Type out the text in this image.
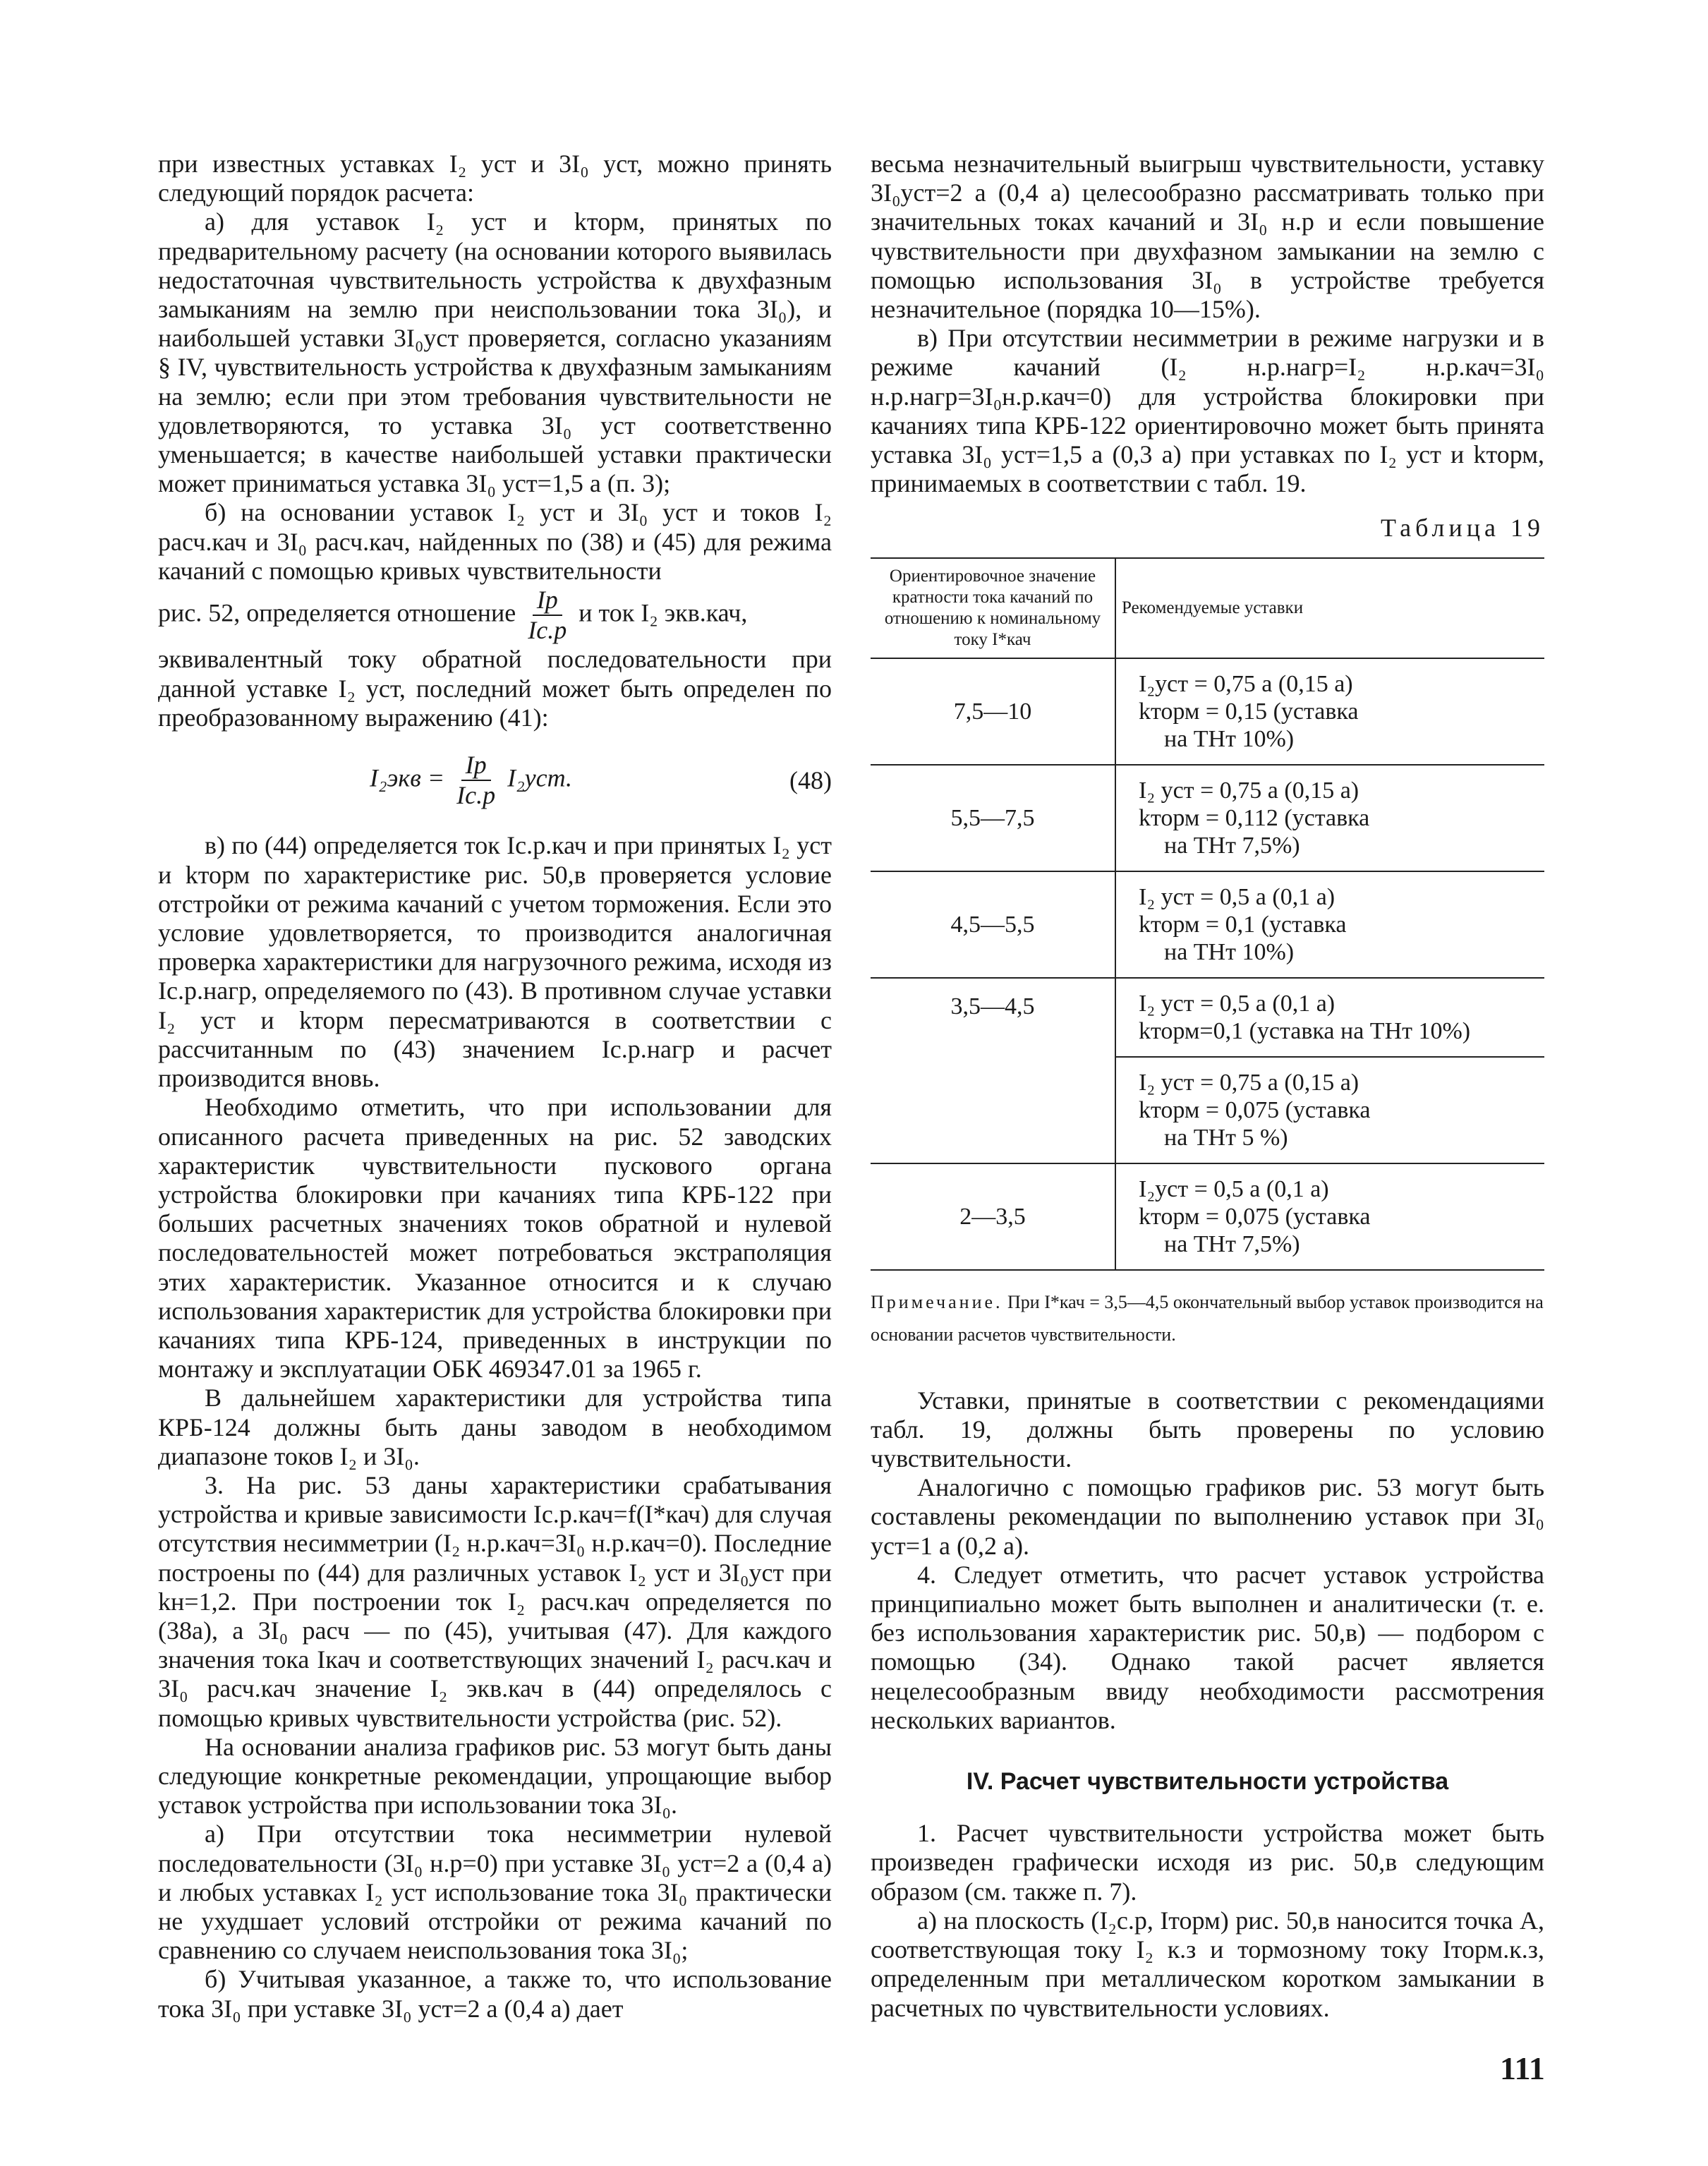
при известных уставках I₂ уст и 3I₀ уст, можно принять следующий порядок расчета:

а) для уставок I₂ уст и kторм, принятых по предварительному расчету (на основании которого выявилась недостаточная чувствительность устройства к двухфазным замыканиям на землю при неиспользовании тока 3I₀), и наибольшей уставки 3I₀уст проверяется, согласно указаниям § IV, чувствительность устройства к двухфазным замыканиям на землю; если при этом требования чувствительности не удовлетворяются, то уставка 3I₀ уст соответственно уменьшается; в качестве наибольшей уставки практически может приниматься уставка 3I₀ уст=1,5 а (п. 3);

б) на основании уставок I₂ уст и 3I₀ уст и токов I₂ расч.кач и 3I₀ расч.кач, найденных по (38) и (45) для режима качаний с помощью кривых чувствительности

рис. 52, определяется отношение $\frac{Iр}{Iс.р}$ и ток I₂ экв.кач,

эквивалентный току обратной последовательности при данной уставке I₂ уст, последний может быть определен по преобразованному выражению (41):

$I_2экв = \frac{Iр}{Iс.р} I_2уст$.	(48)

в) по (44) определяется ток Iс.р.кач и при принятых I₂ уст и kторм по характеристике рис. 50,в проверяется условие отстройки от режима качаний с учетом торможения. Если это условие удовлетворяется, то производится аналогичная проверка характеристики для нагрузочного режима, исходя из Iс.р.нагр, определяемого по (43). В противном случае уставки I₂ уст и kторм пересматриваются в соответствии с рассчитанным по (43) значением Iс.р.нагр и расчет производится вновь.

Необходимо отметить, что при использовании для описанного расчета приведенных на рис. 52 заводских характеристик чувствительности пускового органа устройства блокировки при качаниях типа КРБ-122 при больших расчетных значениях токов обратной и нулевой последовательностей может потребоваться экстраполяция этих характеристик. Указанное относится и к случаю использования характеристик для устройства блокировки при качаниях типа КРБ-124, приведенных в инструкции по монтажу и эксплуатации ОБК 469347.01 за 1965 г.

В дальнейшем характеристики для устройства типа КРБ-124 должны быть даны заводом в необходимом диапазоне токов I₂ и 3I₀.

3. На рис. 53 даны характеристики срабатывания устройства и кривые зависимости Iс.р.кач=f(I*кач) для случая отсутствия несимметрии (I₂ н.р.кач=3I₀ н.р.кач=0). Последние построены по (44) для различных уставок I₂ уст и 3I₀уст при kн=1,2. При построении ток I₂ расч.кач определяется по (38а), а 3I₀ расч — по (45), учитывая (47). Для каждого значения тока Iкач и соответствующих значений I₂ расч.кач и 3I₀ расч.кач значение I₂ экв.кач в (44) определялось с помощью кривых чувствительности устройства (рис. 52).

На основании анализа графиков рис. 53 могут быть даны следующие конкретные рекомендации, упрощающие выбор уставок устройства при использовании тока 3I₀.

а) При отсутствии тока несимметрии нулевой последовательности (3I₀ н.р=0) при уставке 3I₀ уст=2 а (0,4 а) и любых уставках I₂ уст использование тока 3I₀ практически не ухудшает условий отстройки от режима качаний по сравнению со случаем неиспользования тока 3I₀;

б) Учитывая указанное, а также то, что использование тока 3I₀ при уставке 3I₀ уст=2 а (0,4 а) дает

весьма незначительный выигрыш чувствительности, уставку 3I₀уст=2 а (0,4 а) целесообразно рассматривать только при значительных токах качаний и 3I₀ н.р и если повышение чувствительности при двухфазном замыкании на землю с помощью использования 3I₀ в устройстве требуется незначительное (порядка 10—15%).

в) При отсутствии несимметрии в режиме нагрузки и в режиме качаний (I₂ н.р.нагр=I₂ н.р.кач=3I₀ н.р.нагр=3I₀н.р.кач=0) для устройства блокировки при качаниях типа КРБ-122 ориентировочно может быть принята уставка 3I₀ уст=1,5 а (0,3 а) при уставках по I₂ уст и kторм, принимаемых в соответствии с табл. 19.

Таблица 19
Ориентировочное значение кратности тока качаний по отношению к номинальному току I*кач	Рекомендуемые уставки
7,5—10	I₂уст = 0,75 а (0,15 а)
kторм = 0,15 (уставка
на THт 10%)

5,5—7,5	I₂ уст = 0,75 а (0,15 а)
kторм = 0,112 (уставка
на THт 7,5%)

4,5—5,5	I₂ уст = 0,5 а (0,1 а)
kторм = 0,1 (уставка
на THт 10%)

3,5—4,5	I₂ уст = 0,5 а (0,1 а)
kторм=0,1 (уставка на THт 10%)

	I₂ уст = 0,75 а (0,15 а)
kторм = 0,075 (уставка
на THт 5 %)

2—3,5	I₂уст = 0,5 а (0,1 а)
kторм = 0,075 (уставка
на THт 7,5%)
Примечание. При I*кач = 3,5—4,5 окончательный выбор уставок производится на основании расчетов чувствительности.

Уставки, принятые в соответствии с рекомендациями табл. 19, должны быть проверены по условию чувствительности.

Аналогично с помощью графиков рис. 53 могут быть составлены рекомендации по выполнению уставок при 3I₀ уст=1 а (0,2 а).

4. Следует отметить, что расчет уставок устройства принципиально может быть выполнен и аналитически (т. е. без использования характеристик рис. 50,в) — подбором с помощью (34). Однако такой расчет является нецелесообразным ввиду необходимости рассмотрения нескольких вариантов.

IV. Расчет чувствительности устройства

1. Расчет чувствительности устройства может быть произведен графически исходя из рис. 50,в следующим образом (см. также п. 7).

а) на плоскость (I₂с.р, Iторм) рис. 50,в наносится точка А, соответствующая току I₂ к.з и тормозному току Iторм.к.з, определенным при металлическом коротком замыкании в расчетных по чувствительности условиях.

111
